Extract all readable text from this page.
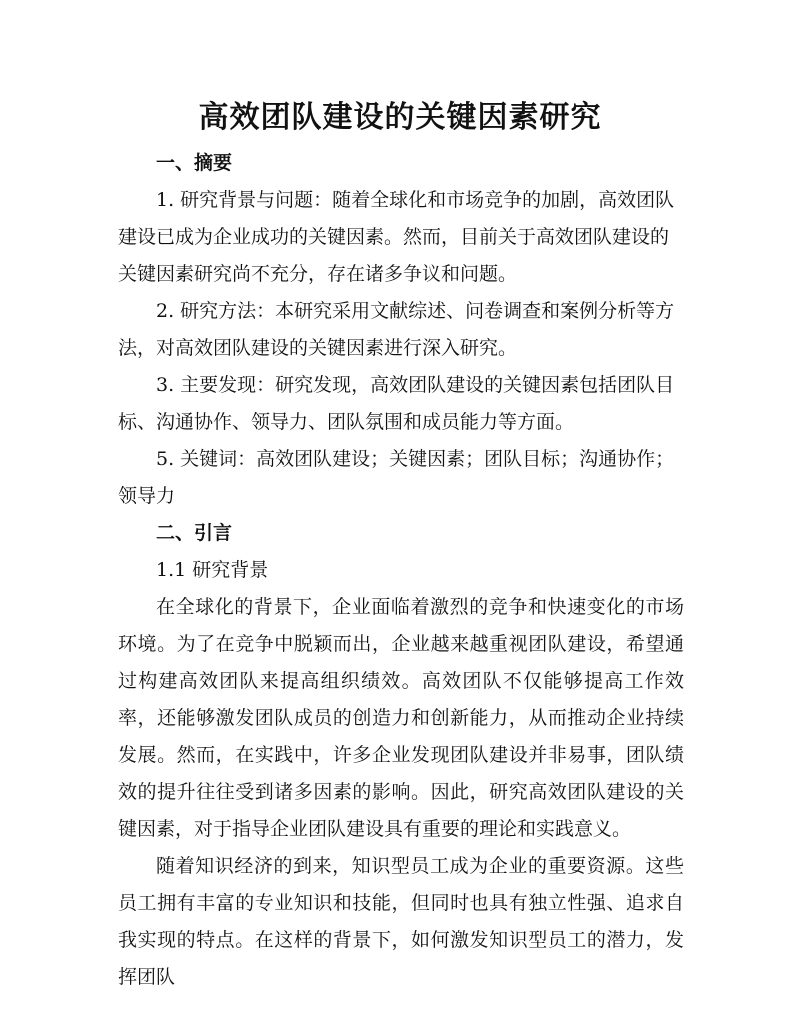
高效团队建设的关键因素研究

一、摘要

1. 研究背景与问题：随着全球化和市场竞争的加剧，高效团队建设已成为企业成功的关键因素。然而，目前关于高效团队建设的关键因素研究尚不充分，存在诸多争议和问题。

2. 研究方法：本研究采用文献综述、问卷调查和案例分析等方法，对高效团队建设的关键因素进行深入研究。

3. 主要发现：研究发现，高效团队建设的关键因素包括团队目标、沟通协作、领导力、团队氛围和成员能力等方面。

5. 关键词：高效团队建设；关键因素；团队目标；沟通协作；领导力

二、引言

1.1 研究背景

在全球化的背景下，企业面临着激烈的竞争和快速变化的市场环境。为了在竞争中脱颖而出，企业越来越重视团队建设，希望通过构建高效团队来提高组织绩效。高效团队不仅能够提高工作效率，还能够激发团队成员的创造力和创新能力，从而推动企业持续发展。然而，在实践中，许多企业发现团队建设并非易事，团队绩效的提升往往受到诸多因素的影响。因此，研究高效团队建设的关键因素，对于指导企业团队建设具有重要的理论和实践意义。

随着知识经济的到来，知识型员工成为企业的重要资源。这些员工拥有丰富的专业知识和技能，但同时也具有独立性强、追求自我实现的特点。在这样的背景下，如何激发知识型员工的潜力，发挥团队
